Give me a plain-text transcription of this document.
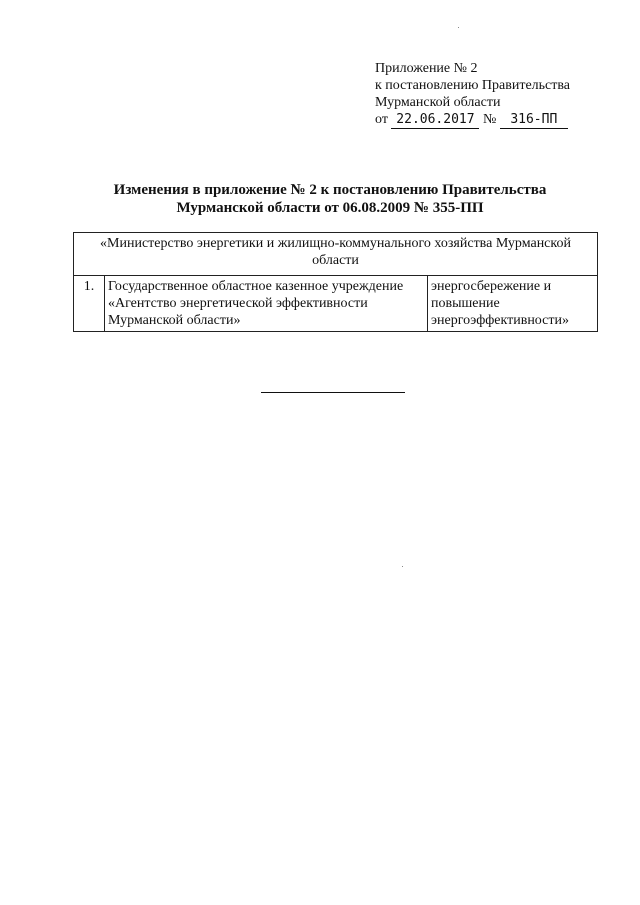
Приложение № 2
к постановлению Правительства
Мурманской области
от 22.06.2017 № 316-ПП
Изменения в приложение № 2 к постановлению Правительства
Мурманской области от 06.08.2009 № 355-ПП
«Министерство энергетики и жилищно-коммунального хозяйства Мурманской области
1.	Государственное областное казенное учреждение «Агентство энергетической эффективности Мурманской области»	энергосбережение и повышение энергоэффективности»
